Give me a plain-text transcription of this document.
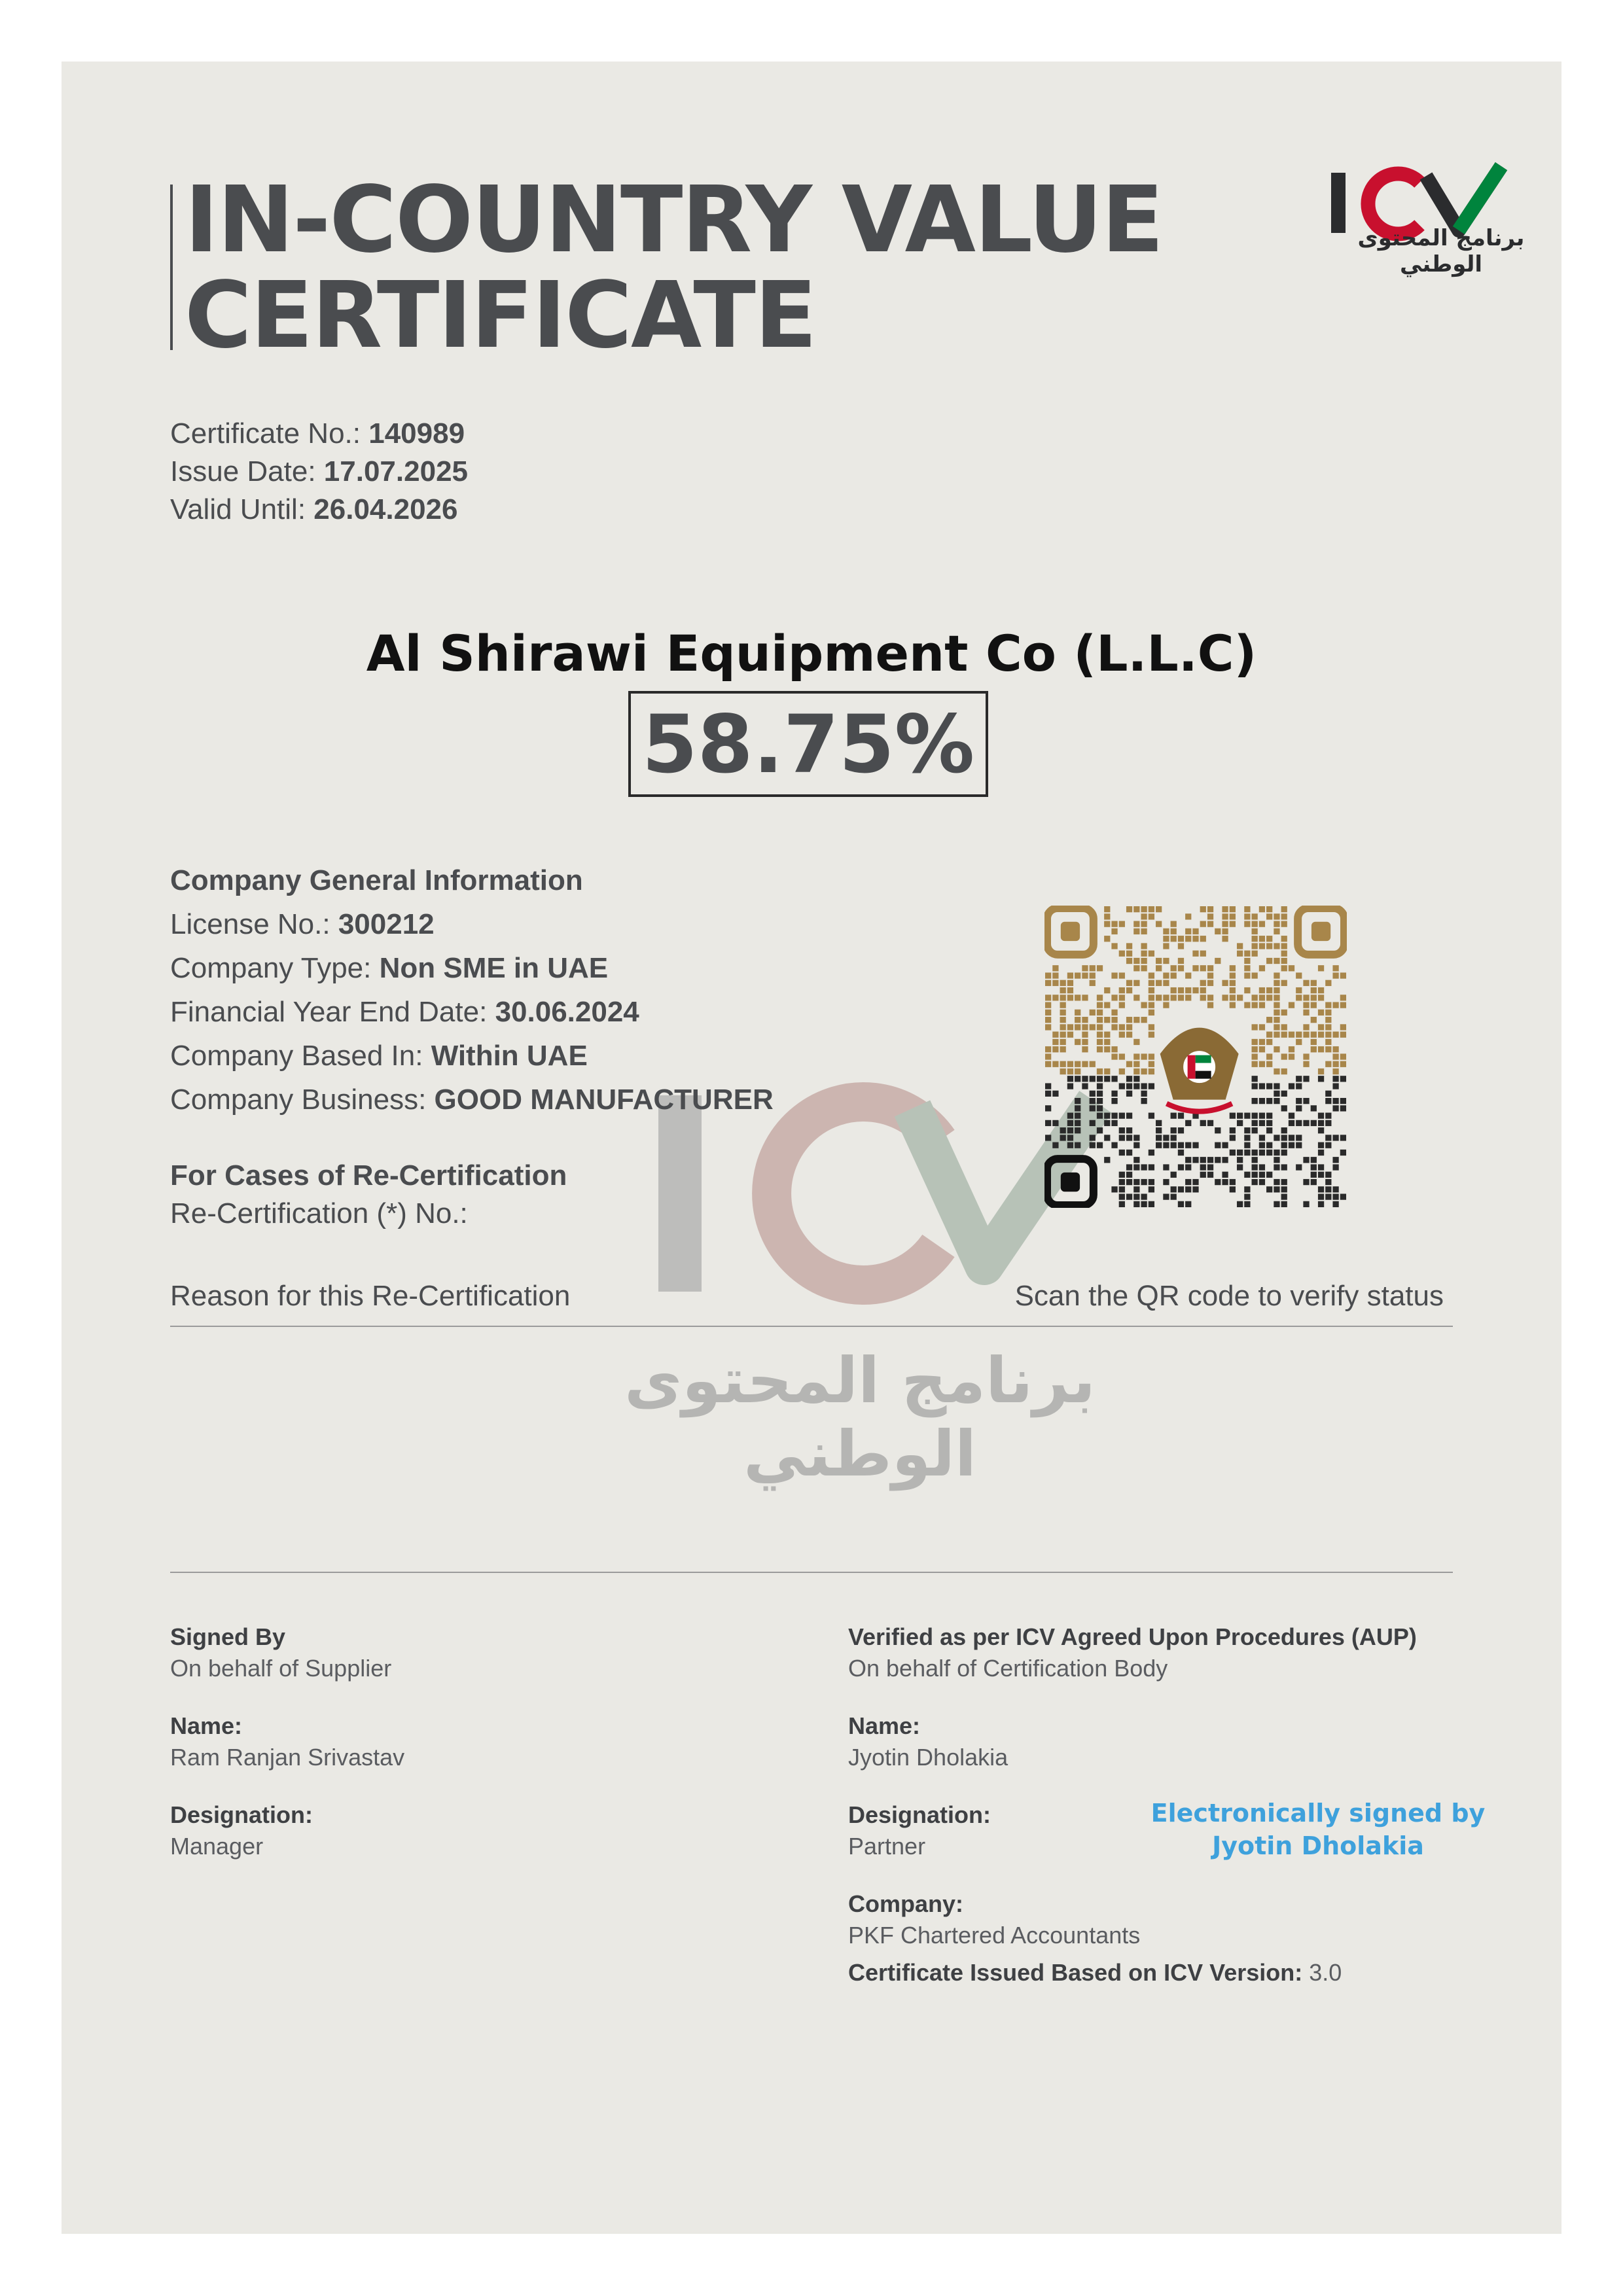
IN-COUNTRY VALUE
CERTIFICATE
برنامج المحتوى الوطني
Certificate No.: 140989
Issue Date: 17.07.2025
Valid Until: 26.04.2026
Al Shirawi Equipment Co (L.L.C)
58.75%
برنامج المحتوى الوطني
Company General Information
License No.: 300212
Company Type: Non SME in UAE
Financial Year End Date: 30.06.2024
Company Based In: Within UAE
Company Business: GOOD MANUFACTURER
For Cases of Re-Certification
Re-Certification (*) No.:
Reason for this Re-Certification	Scan the QR code to verify status
Signed By
On behalf of Supplier
Name:
Ram Ranjan Srivastav
Designation:
Manager
Verified as per ICV Agreed Upon Procedures (AUP)
On behalf of Certification Body
Name:
Jyotin Dholakia
Designation:
Partner
Company:
PKF Chartered Accountants
Electronically signed by
Jyotin Dholakia
Certificate Issued Based on ICV Version: 3.0
